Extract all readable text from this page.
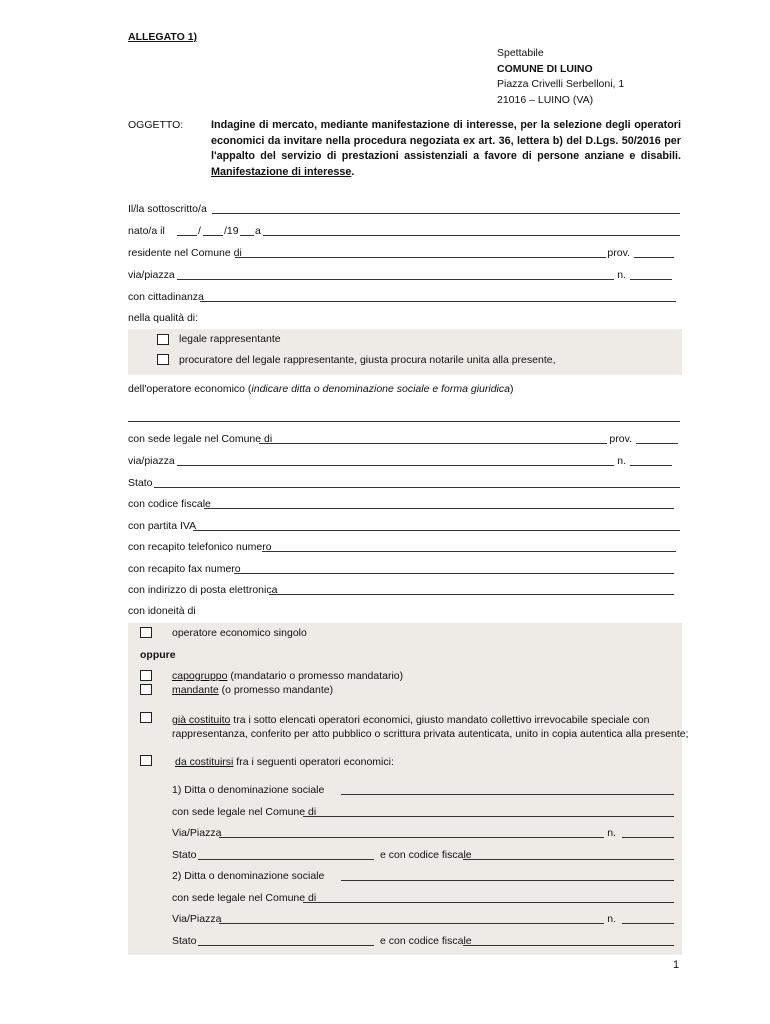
ALLEGATO 1)
Spettabile
COMUNE DI LUINO
Piazza Crivelli Serbelloni, 1
21016 – LUINO (VA)
OGGETTO:	Indagine di mercato, mediante manifestazione di interesse, per la selezione degli operatori economici da invitare nella procedura negoziata ex art. 36, lettera b) del D.Lgs. 50/2016 per l'appalto del servizio di prestazioni assistenziali a favore di persone anziane e disabili. Manifestazione di interesse.
Il/la sottoscritto/a
nato/a il	/ /19 a
residente nel Comune di	prov.
via/piazza	n.
con cittadinanza
nella qualità di:
legale rappresentante
procuratore del legale rappresentante, giusta procura notarile unita alla presente,
dell'operatore economico (indicare ditta o denominazione sociale e forma giuridica)
con sede legale nel Comune di	prov.
via/piazza	n.
Stato
con codice fiscale
con partita IVA
con recapito telefonico numero
con recapito fax numero
con indirizzo di posta elettronica
con idoneità di
operatore economico singolo
oppure
capogruppo (mandatario o promesso mandatario)
mandante (o promesso mandante)
già costituito tra i sotto elencati operatori economici, giusto mandato collettivo irrevocabile speciale con
rappresentanza, conferito per atto pubblico o scrittura privata autenticata, unito in copia autentica alla presente;
da costituirsi fra i seguenti operatori economici:
1) Ditta o denominazione sociale
con sede legale nel Comune di
Via/Piazza	n.
Stato	e con codice fiscale
2) Ditta o denominazione sociale
con sede legale nel Comune di
Via/Piazza	n.
Stato	e con codice fiscale
1
